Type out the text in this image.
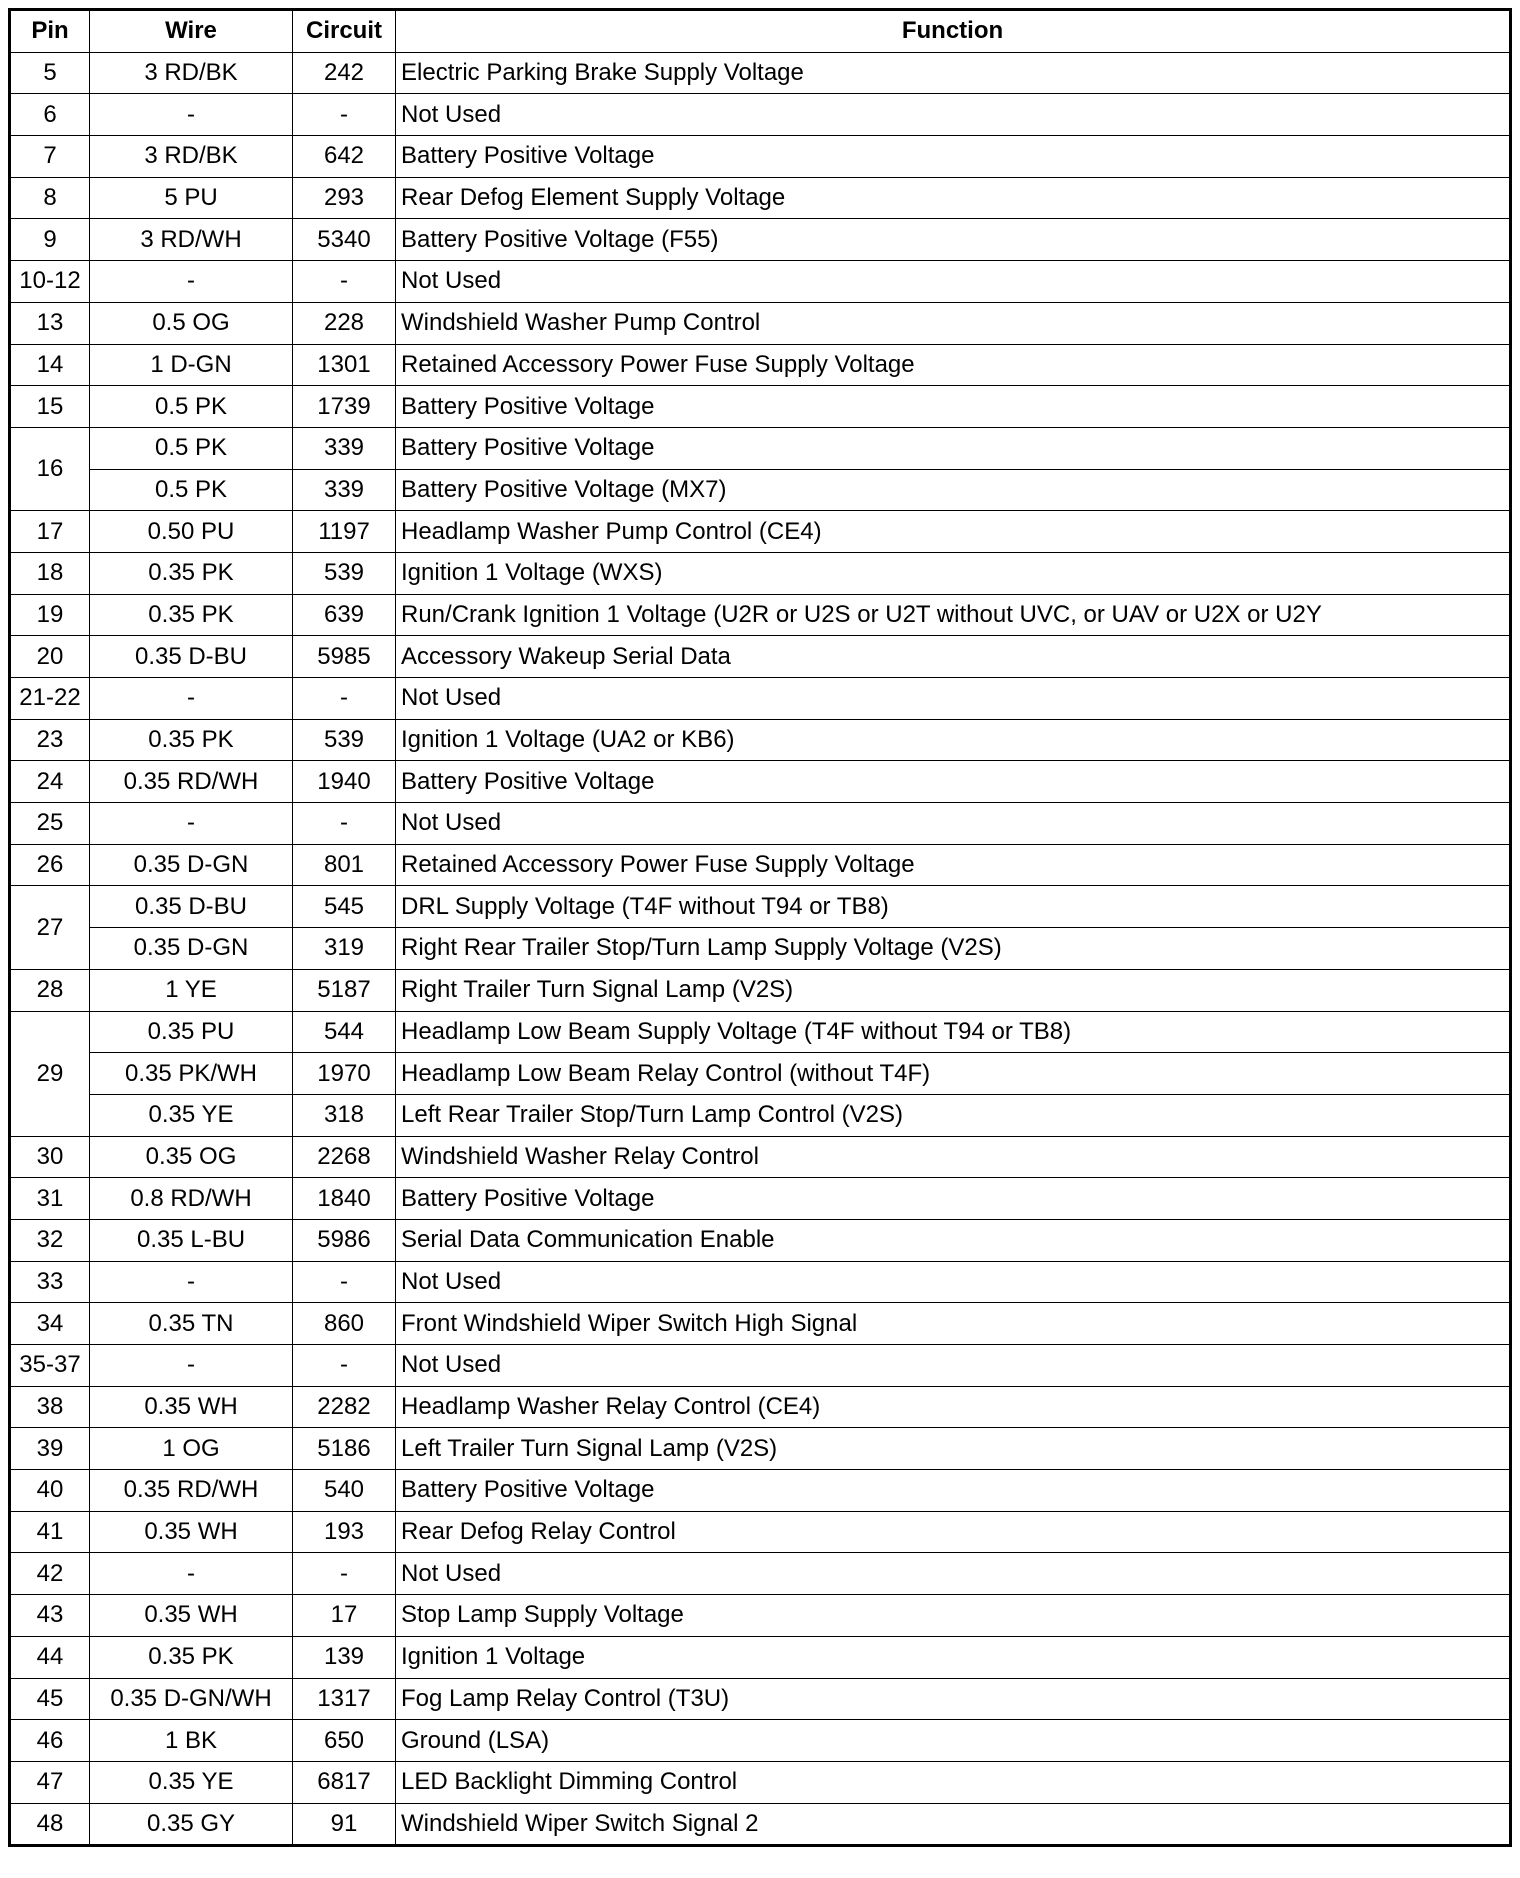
Pin	Wire	Circuit	Function
5	3 RD/BK	242	Electric Parking Brake Supply Voltage
6	-	-	Not Used
7	3 RD/BK	642	Battery Positive Voltage
8	5 PU	293	Rear Defog Element Supply Voltage
9	3 RD/WH	5340	Battery Positive Voltage (F55)
10-12	-	-	Not Used
13	0.5 OG	228	Windshield Washer Pump Control
14	1 D-GN	1301	Retained Accessory Power Fuse Supply Voltage
15	0.5 PK	1739	Battery Positive Voltage
16	0.5 PK	339	Battery Positive Voltage
	0.5 PK	339	Battery Positive Voltage (MX7)
17	0.50 PU	1197	Headlamp Washer Pump Control (CE4)
18	0.35 PK	539	Ignition 1 Voltage (WXS)
19	0.35 PK	639	Run/Crank Ignition 1 Voltage (U2R or U2S or U2T without UVC, or UAV or U2X or U2Y
20	0.35 D-BU	5985	Accessory Wakeup Serial Data
21-22	-	-	Not Used
23	0.35 PK	539	Ignition 1 Voltage (UA2 or KB6)
24	0.35 RD/WH	1940	Battery Positive Voltage
25	-	-	Not Used
26	0.35 D-GN	801	Retained Accessory Power Fuse Supply Voltage
27	0.35 D-BU	545	DRL Supply Voltage (T4F without T94 or TB8)
	0.35 D-GN	319	Right Rear Trailer Stop/Turn Lamp Supply Voltage (V2S)
28	1 YE	5187	Right Trailer Turn Signal Lamp (V2S)
29	0.35 PU	544	Headlamp Low Beam Supply Voltage (T4F without T94 or TB8)
	0.35 PK/WH	1970	Headlamp Low Beam Relay Control (without T4F)
	0.35 YE	318	Left Rear Trailer Stop/Turn Lamp Control (V2S)
30	0.35 OG	2268	Windshield Washer Relay Control
31	0.8 RD/WH	1840	Battery Positive Voltage
32	0.35 L-BU	5986	Serial Data Communication Enable
33	-	-	Not Used
34	0.35 TN	860	Front Windshield Wiper Switch High Signal
35-37	-	-	Not Used
38	0.35 WH	2282	Headlamp Washer Relay Control (CE4)
39	1 OG	5186	Left Trailer Turn Signal Lamp (V2S)
40	0.35 RD/WH	540	Battery Positive Voltage
41	0.35 WH	193	Rear Defog Relay Control
42	-	-	Not Used
43	0.35 WH	17	Stop Lamp Supply Voltage
44	0.35 PK	139	Ignition 1 Voltage
45	0.35 D-GN/WH	1317	Fog Lamp Relay Control (T3U)
46	1 BK	650	Ground (LSA)
47	0.35 YE	6817	LED Backlight Dimming Control
48	0.35 GY	91	Windshield Wiper Switch Signal 2
